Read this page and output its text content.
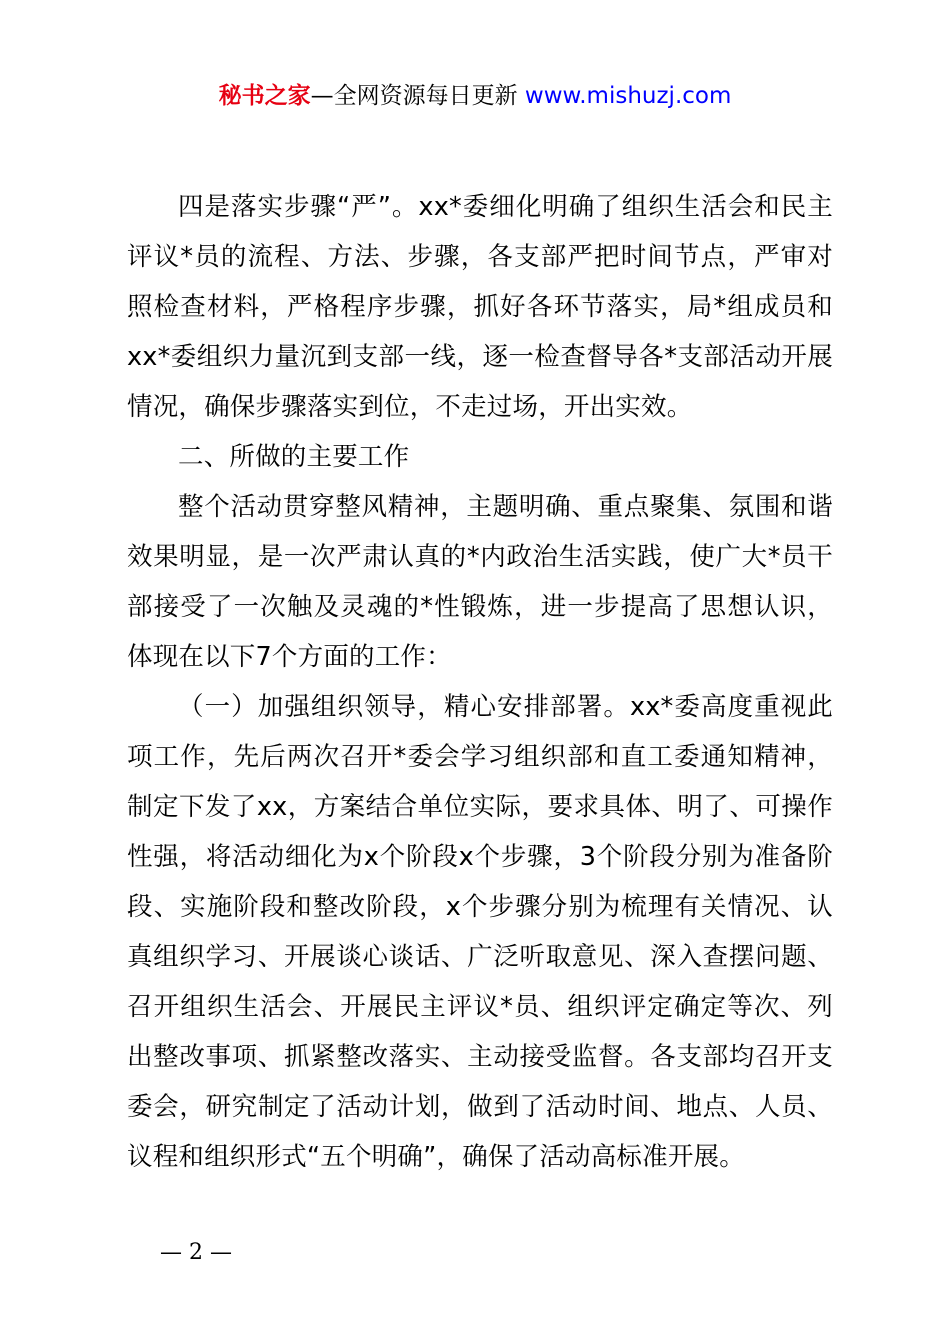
秘书之家—全网资源每日更新 www.mishuzj.com

四是落实步骤“严”。xx*委细化明确了组织生活会和民主评议*员的流程、方法、步骤，各支部严把时间节点，严审对照检查材料，严格程序步骤，抓好各环节落实，局*组成员和xx*委组织力量沉到支部一线，逐一检查督导各*支部活动开展情况，确保步骤落实到位，不走过场，开出实效。

二、所做的主要工作

整个活动贯穿整风精神，主题明确、重点聚集、氛围和谐效果明显，是一次严肃认真的*内政治生活实践，使广大*员干部接受了一次触及灵魂的*性锻炼，进一步提高了思想认识，体现在以下7个方面的工作：

（一）加强组织领导，精心安排部署。xx*委高度重视此项工作，先后两次召开*委会学习组织部和直工委通知精神，制定下发了xx，方案结合单位实际，要求具体、明了、可操作性强，将活动细化为x个阶段x个步骤，3个阶段分别为准备阶段、实施阶段和整改阶段，x个步骤分别为梳理有关情况、认真组织学习、开展谈心谈话、广泛听取意见、深入查摆问题、召开组织生活会、开展民主评议*员、组织评定确定等次、列出整改事项、抓紧整改落实、主动接受监督。各支部均召开支委会，研究制定了活动计划，做到了活动时间、地点、人员、议程和组织形式“五个明确”，确保了活动高标准开展。

— 2 —
